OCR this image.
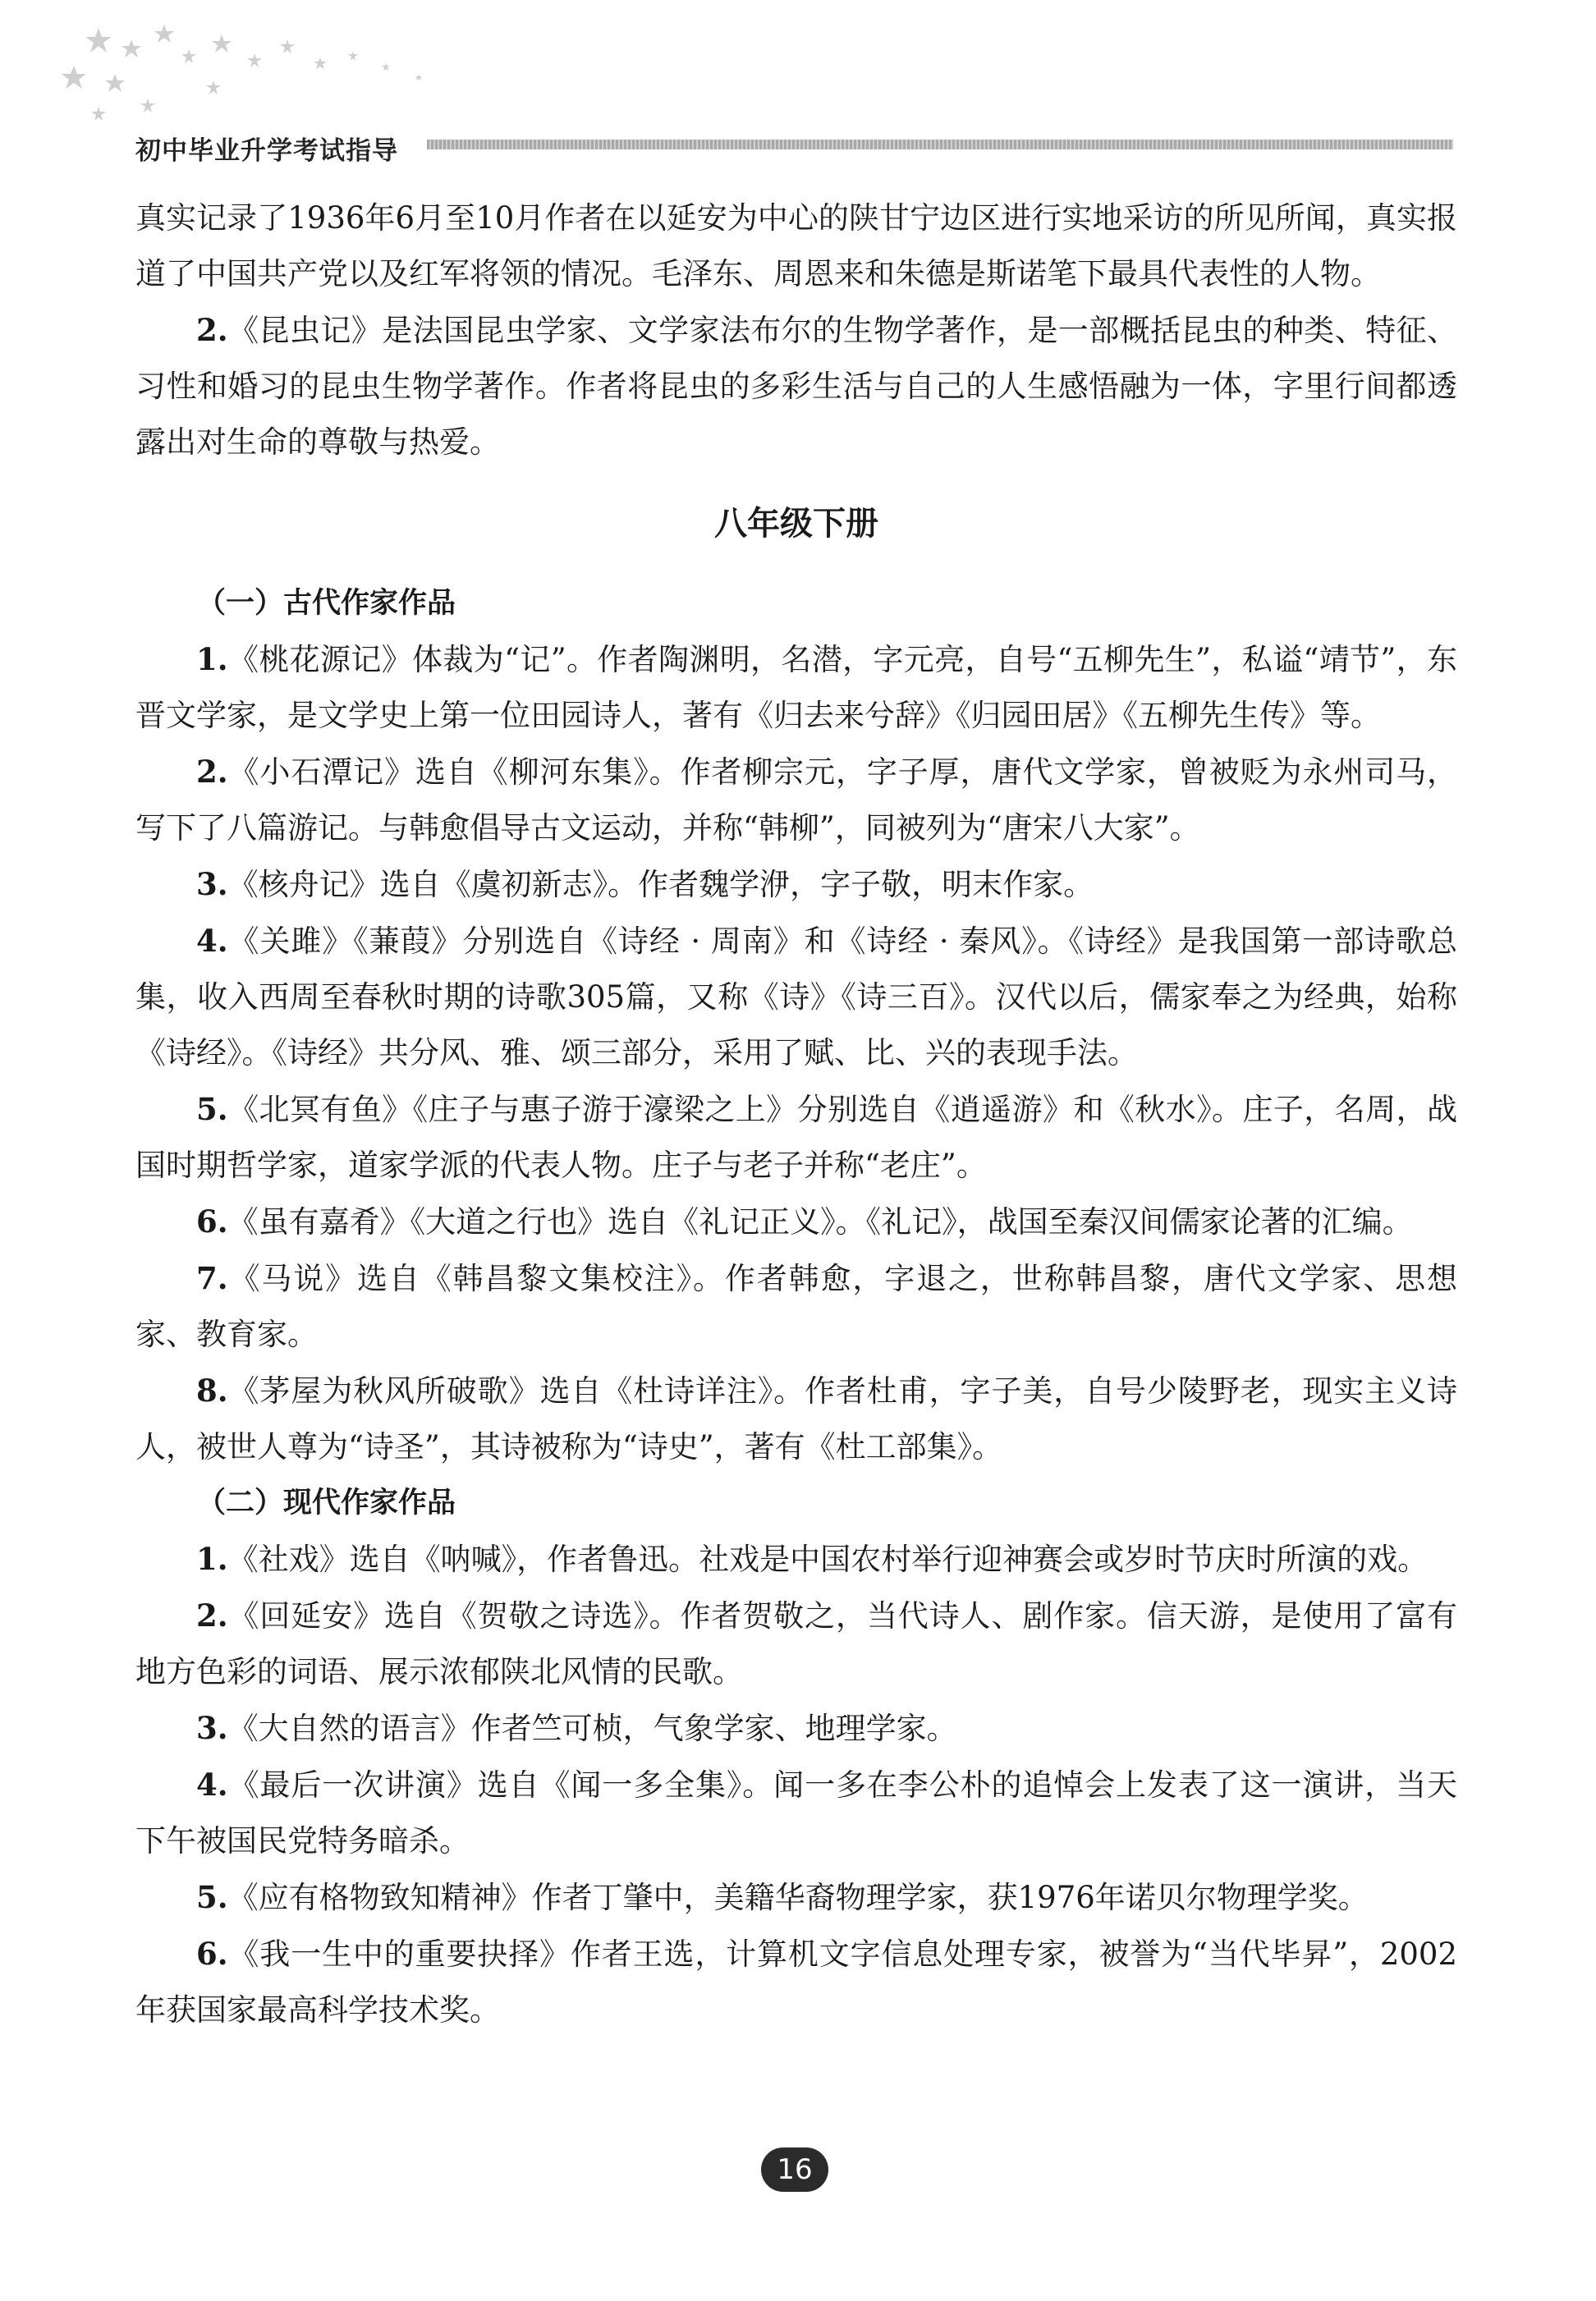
初中毕业升学考试指导

真实记录了1936年6月至10月作者在以延安为中心的陕甘宁边区进行实地采访的所见所闻，真实报道了中国共产党以及红军将领的情况。毛泽东、周恩来和朱德是斯诺笔下最具代表性的人物。

2.《昆虫记》是法国昆虫学家、文学家法布尔的生物学著作，是一部概括昆虫的种类、特征、习性和婚习的昆虫生物学著作。作者将昆虫的多彩生活与自己的人生感悟融为一体，字里行间都透露出对生命的尊敬与热爱。

八年级下册
（一）古代作家作品

1.《桃花源记》体裁为“记”。作者陶渊明，名潜，字元亮，自号“五柳先生”，私谥“靖节”，东晋文学家，是文学史上第一位田园诗人，著有《归去来兮辞》《归园田居》《五柳先生传》等。

2.《小石潭记》选自《柳河东集》。作者柳宗元，字子厚，唐代文学家，曾被贬为永州司马，写下了八篇游记。与韩愈倡导古文运动，并称“韩柳”，同被列为“唐宋八大家”。

3.《核舟记》选自《虞初新志》。作者魏学洢，字子敬，明末作家。

4.《关雎》《蒹葭》分别选自《诗经 · 周南》和《诗经 · 秦风》。《诗经》是我国第一部诗歌总集，收入西周至春秋时期的诗歌305篇，又称《诗》《诗三百》。汉代以后，儒家奉之为经典，始称《诗经》。《诗经》共分风、雅、颂三部分，采用了赋、比、兴的表现手法。

5.《北冥有鱼》《庄子与惠子游于濠梁之上》分别选自《逍遥游》和《秋水》。庄子，名周，战国时期哲学家，道家学派的代表人物。庄子与老子并称“老庄”。

6.《虽有嘉肴》《大道之行也》选自《礼记正义》。《礼记》，战国至秦汉间儒家论著的汇编。

7.《马说》选自《韩昌黎文集校注》。作者韩愈，字退之，世称韩昌黎，唐代文学家、思想家、教育家。

8.《茅屋为秋风所破歌》选自《杜诗详注》。作者杜甫，字子美，自号少陵野老，现实主义诗人，被世人尊为“诗圣”，其诗被称为“诗史”，著有《杜工部集》。

（二）现代作家作品

1.《社戏》选自《呐喊》，作者鲁迅。社戏是中国农村举行迎神赛会或岁时节庆时所演的戏。

2.《回延安》选自《贺敬之诗选》。作者贺敬之，当代诗人、剧作家。信天游，是使用了富有地方色彩的词语、展示浓郁陕北风情的民歌。

3.《大自然的语言》作者竺可桢，气象学家、地理学家。

4.《最后一次讲演》选自《闻一多全集》。闻一多在李公朴的追悼会上发表了这一演讲，当天下午被国民党特务暗杀。

5.《应有格物致知精神》作者丁肇中，美籍华裔物理学家，获1976年诺贝尔物理学奖。

6.《我一生中的重要抉择》作者王选，计算机文字信息处理专家，被誉为“当代毕昇”，2002年获国家最高科学技术奖。

16
